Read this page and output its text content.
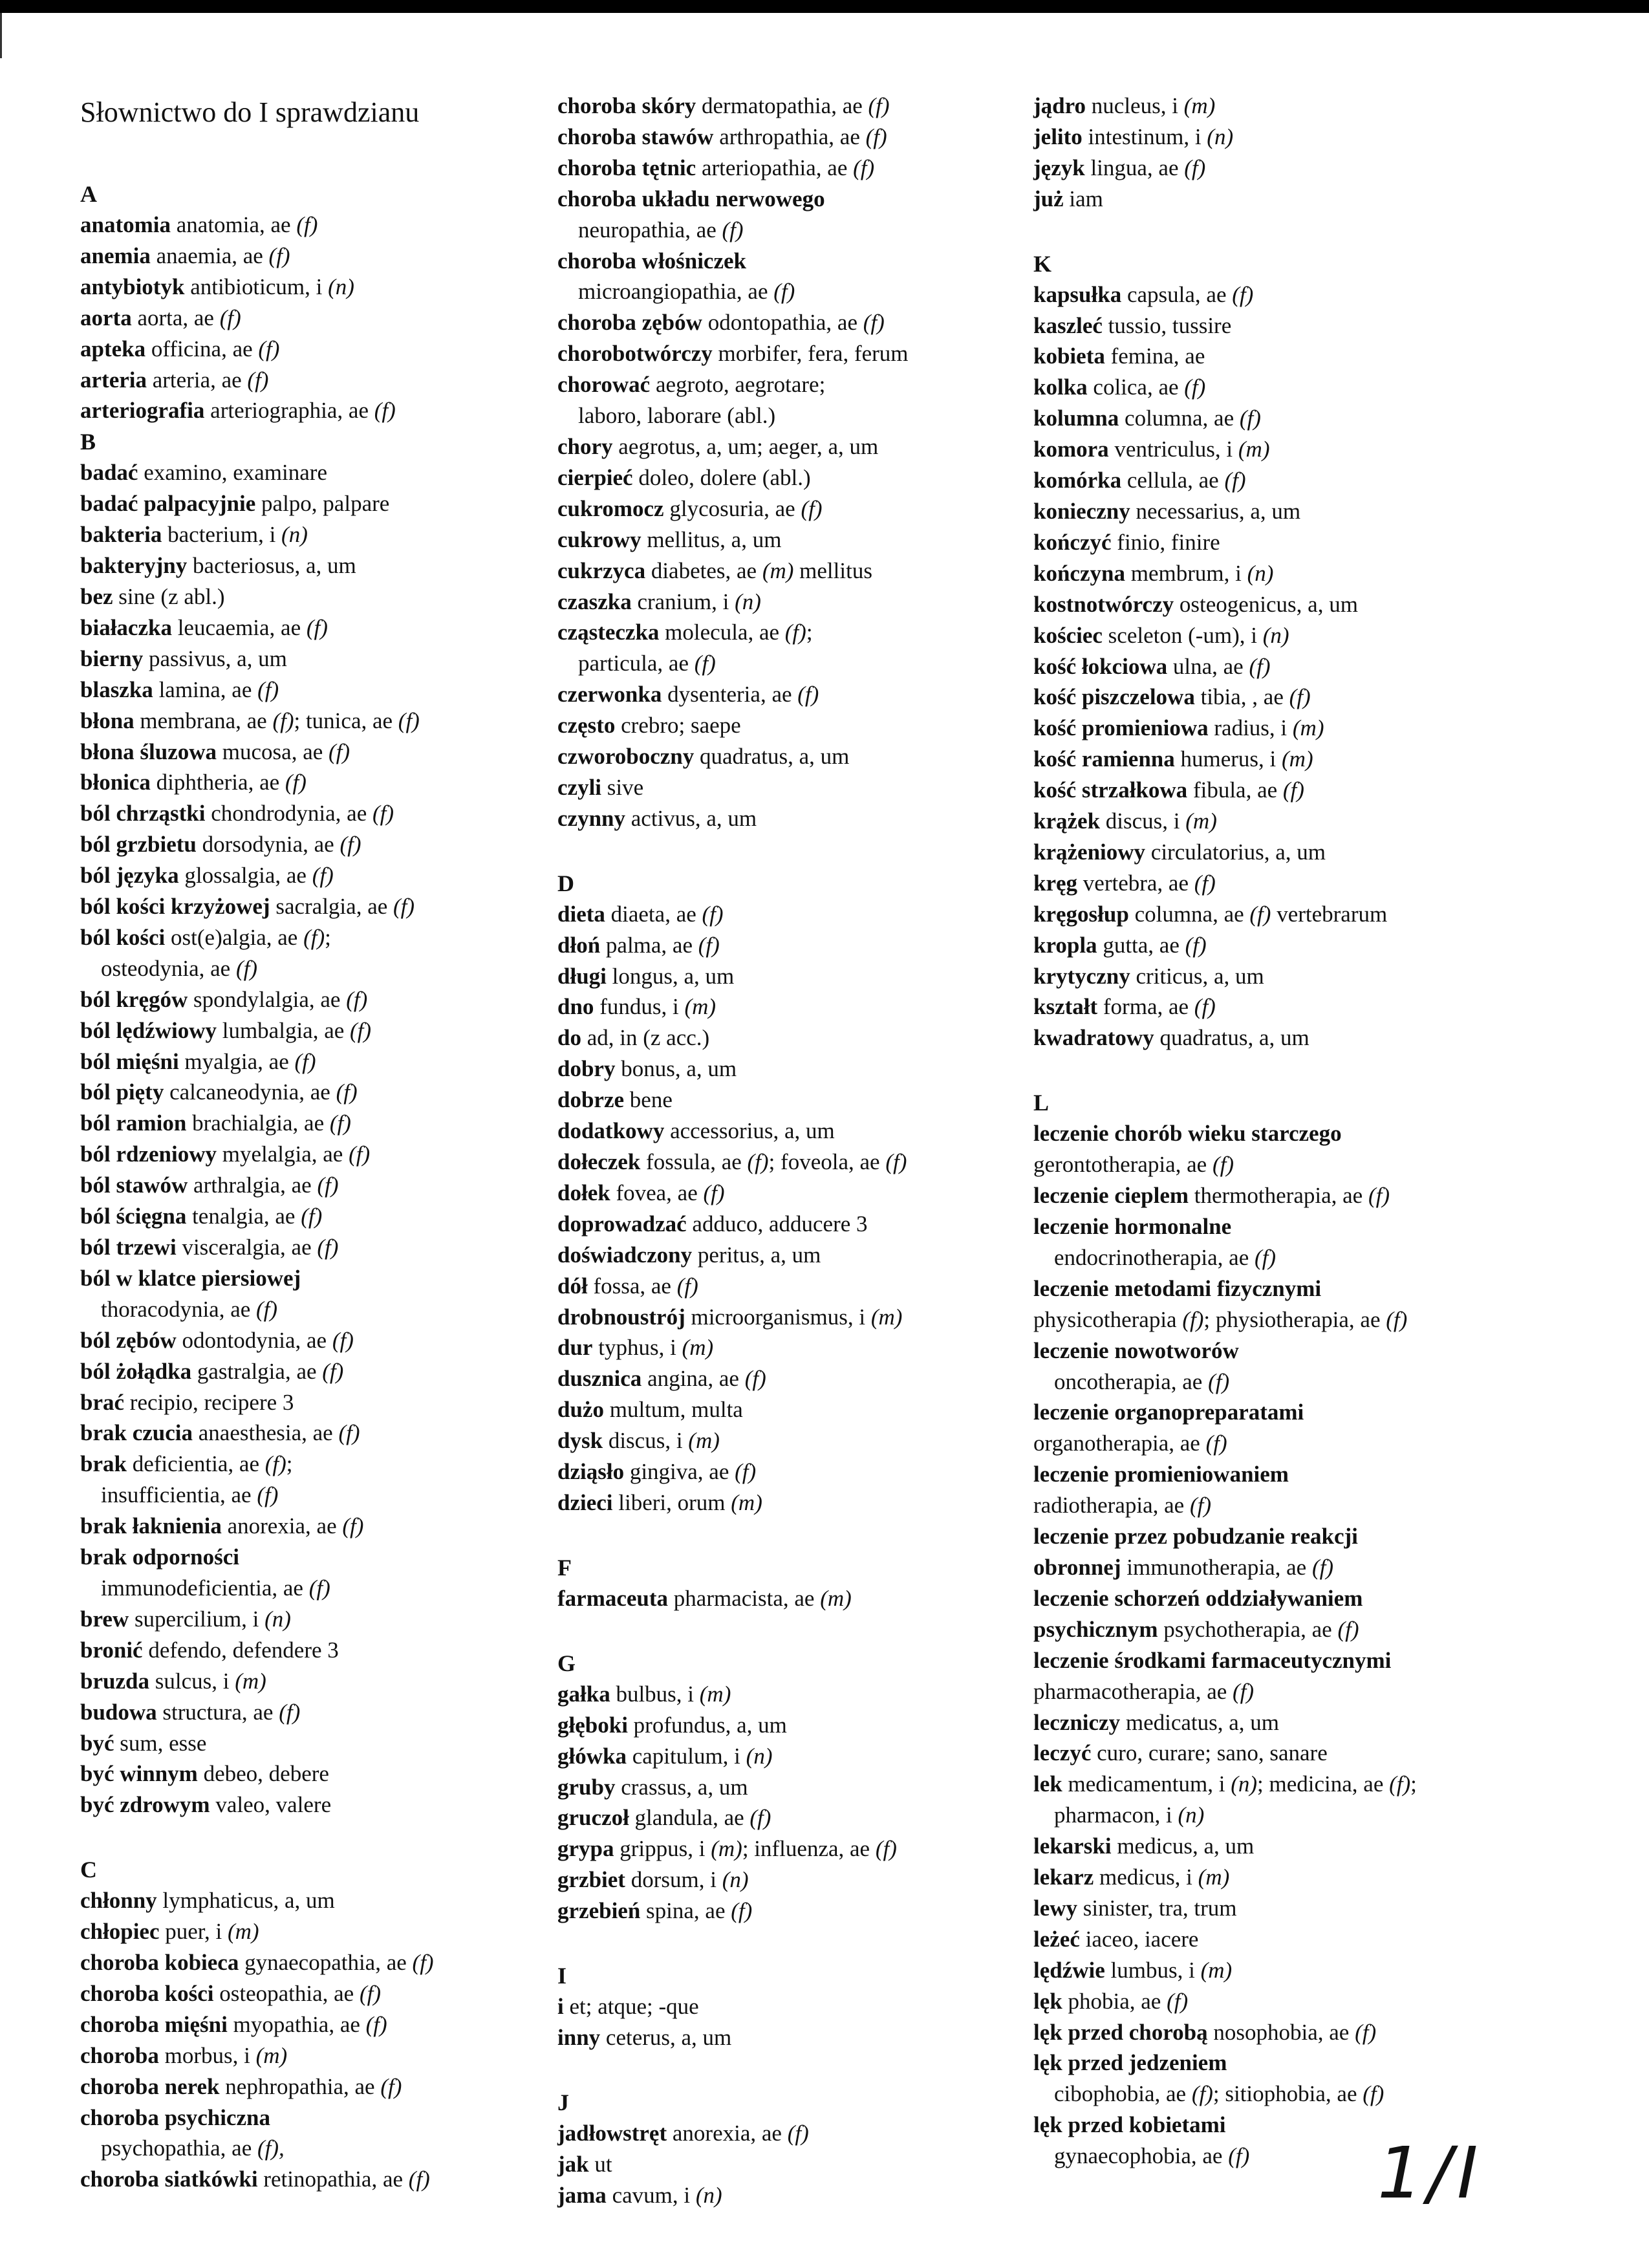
Słownictwo do I sprawdzianu
A
anatomia anatomia, ae (f)
anemia anaemia, ae (f)
antybiotyk antibioticum, i (n)
aorta aorta, ae (f)
apteka officina, ae (f)
arteria arteria, ae (f)
arteriografia arteriographia, ae (f)
B
badać examino, examinare
badać palpacyjnie palpo, palpare
bakteria bacterium, i (n)
bakteryjny bacteriosus, a, um
bez sine (z abl.)
białaczka leucaemia, ae (f)
bierny passivus, a, um
blaszka lamina, ae (f)
błona membrana, ae (f); tunica, ae (f)
błona śluzowa mucosa, ae (f)
błonica diphtheria, ae (f)
ból chrząstki chondrodynia, ae (f)
ból grzbietu dorsodynia, ae (f)
ból języka glossalgia, ae (f)
ból kości krzyżowej sacralgia, ae (f)
ból kości ost(e)algia, ae (f);
osteodynia, ae (f)
ból kręgów spondylalgia, ae (f)
ból lędźwiowy lumbalgia, ae (f)
ból mięśni myalgia, ae (f)
ból pięty calcaneodynia, ae (f)
ból ramion brachialgia, ae (f)
ból rdzeniowy myelalgia, ae (f)
ból stawów arthralgia, ae (f)
ból ścięgna tenalgia, ae (f)
ból trzewi visceralgia, ae (f)
ból w klatce piersiowej
thoracodynia, ae (f)
ból zębów odontodynia, ae (f)
ból żołądka gastralgia, ae (f)
brać recipio, recipere 3
brak czucia anaesthesia, ae (f)
brak deficientia, ae (f);
insufficientia, ae (f)
brak łaknienia anorexia, ae (f)
brak odporności
immunodeficientia, ae (f)
brew supercilium, i (n)
bronić defendo, defendere 3
bruzda sulcus, i (m)
budowa structura, ae (f)
być sum, esse
być winnym debeo, debere
być zdrowym valeo, valere
C
chłonny lymphaticus, a, um
chłopiec puer, i (m)
choroba kobieca gynaecopathia, ae (f)
choroba kości osteopathia, ae (f)
choroba mięśni myopathia, ae (f)
choroba morbus, i (m)
choroba nerek nephropathia, ae (f)
choroba psychiczna
psychopathia, ae (f),
choroba siatkówki retinopathia, ae (f)
choroba skóry dermatopathia, ae (f)
choroba stawów arthropathia, ae (f)
choroba tętnic arteriopathia, ae (f)
choroba układu nerwowego
neuropathia, ae (f)
choroba włośniczek
microangiopathia, ae (f)
choroba zębów odontopathia, ae (f)
chorobotwórczy morbifer, fera, ferum
chorować aegroto, aegrotare;
laboro, laborare (abl.)
chory aegrotus, a, um; aeger, a, um
cierpieć doleo, dolere (abl.)
cukromocz glycosuria, ae (f)
cukrowy mellitus, a, um
cukrzyca diabetes, ae (m) mellitus
czaszka cranium, i (n)
cząsteczka molecula, ae (f);
particula, ae (f)
czerwonka dysenteria, ae (f)
często crebro; saepe
czworoboczny quadratus, a, um
czyli sive
czynny activus, a, um
D
dieta diaeta, ae (f)
dłoń palma, ae (f)
długi longus, a, um
dno fundus, i (m)
do ad, in (z acc.)
dobry bonus, a, um
dobrze bene
dodatkowy accessorius, a, um
dołeczek fossula, ae (f); foveola, ae (f)
dołek fovea, ae (f)
doprowadzać adduco, adducere 3
doświadczony peritus, a, um
dół fossa, ae (f)
drobnoustrój microorganismus, i (m)
dur typhus, i (m)
dusznica angina, ae (f)
dużo multum, multa
dysk discus, i (m)
dziąsło gingiva, ae (f)
dzieci liberi, orum (m)
F
farmaceuta pharmacista, ae (m)
G
gałka bulbus, i (m)
głęboki profundus, a, um
główka capitulum, i (n)
gruby crassus, a, um
gruczoł glandula, ae (f)
grypa grippus, i (m); influenza, ae (f)
grzbiet dorsum, i (n)
grzebień spina, ae (f)
I
i et; atque; -que
inny ceterus, a, um
J
jadłowstręt anorexia, ae (f)
jak ut
jama cavum, i (n)
jądro nucleus, i (m)
jelito intestinum, i (n)
język lingua, ae (f)
już iam
K
kapsułka capsula, ae (f)
kaszleć tussio, tussire
kobieta femina, ae
kolka colica, ae (f)
kolumna columna, ae (f)
komora ventriculus, i (m)
komórka cellula, ae (f)
konieczny necessarius, a, um
kończyć finio, finire
kończyna membrum, i (n)
kostnotwórczy osteogenicus, a, um
kościec sceleton (-um), i (n)
kość łokciowa ulna, ae (f)
kość piszczelowa tibia, , ae (f)
kość promieniowa radius, i (m)
kość ramienna humerus, i (m)
kość strzałkowa fibula, ae (f)
krążek discus, i (m)
krążeniowy circulatorius, a, um
kręg vertebra, ae (f)
kręgosłup columna, ae (f) vertebrarum
kropla gutta, ae (f)
krytyczny criticus, a, um
kształt forma, ae (f)
kwadratowy quadratus, a, um
L
leczenie chorób wieku starczego
gerontotherapia, ae (f)
leczenie cieplem thermotherapia, ae (f)
leczenie hormonalne
endocrinotherapia, ae (f)
leczenie metodami fizycznymi
physicotherapia (f); physiotherapia, ae (f)
leczenie nowotworów
oncotherapia, ae (f)
leczenie organopreparatami
organotherapia, ae (f)
leczenie promieniowaniem
radiotherapia, ae (f)
leczenie przez pobudzanie reakcji
obronnej immunotherapia, ae (f)
leczenie schorzeń oddziaływaniem
psychicznym psychotherapia, ae (f)
leczenie środkami farmaceutycznymi
pharmacotherapia, ae (f)
leczniczy medicatus, a, um
leczyć curo, curare; sano, sanare
lek medicamentum, i (n); medicina, ae (f);
pharmacon, i (n)
lekarski medicus, a, um
lekarz medicus, i (m)
lewy sinister, tra, trum
leżeć iaceo, iacere
lędźwie lumbus, i (m)
lęk phobia, ae (f)
lęk przed chorobą nosophobia, ae (f)
lęk przed jedzeniem
cibophobia, ae (f); sitiophobia, ae (f)
lęk przed kobietami
gynaecophobia, ae (f)	1/I
